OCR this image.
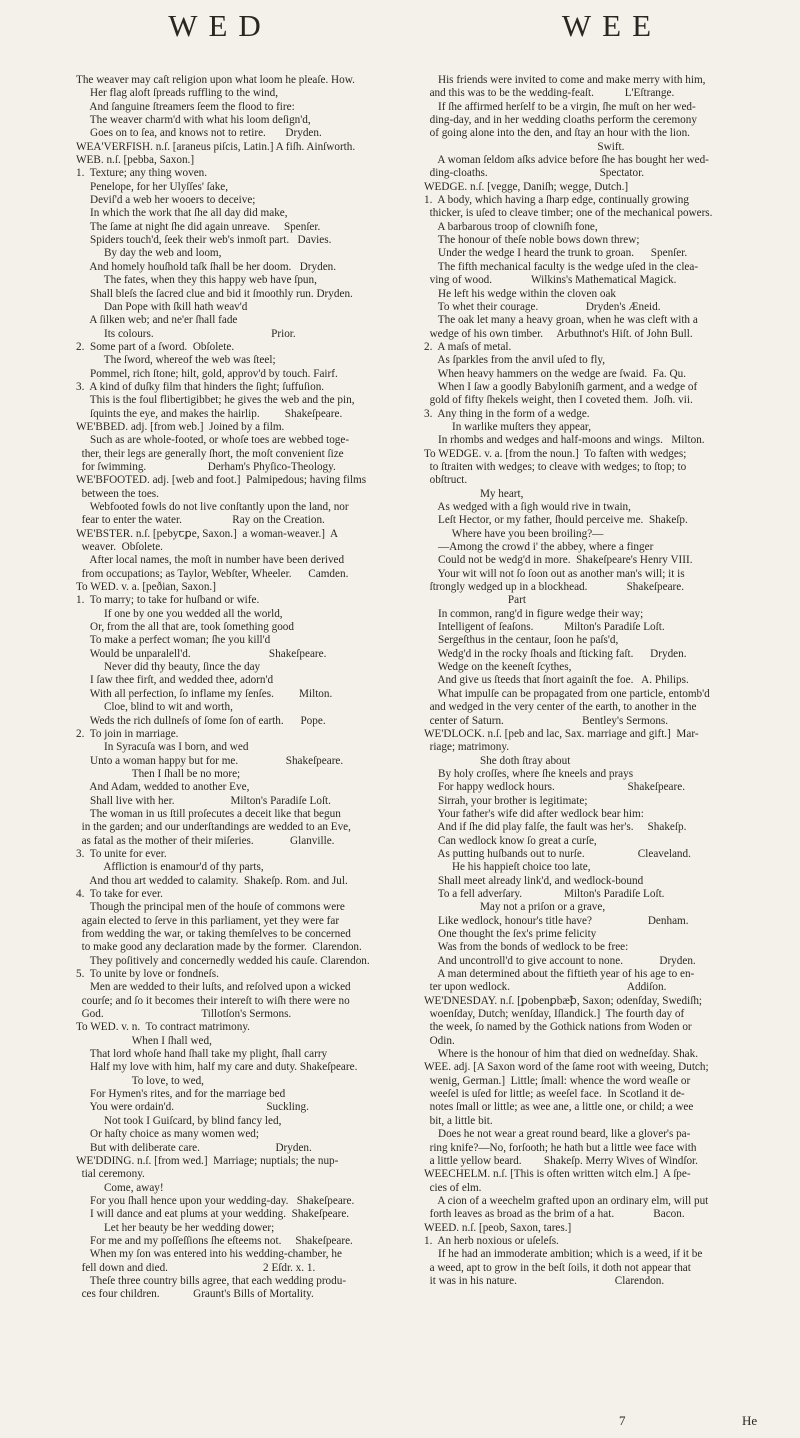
WED	WEE
The weaver may caſt religion upon what loom he pleaſe. How.
Her flag aloft ſpreads ruffling to the wind,
And ſanguine ſtreamers ſeem the flood to fire:
The weaver charm'd with what his loom deſign'd,
Goes on to ſea, and knows not to retire.       Dryden.
WEA'VERFISH. n.ſ. [araneus piſcis, Latin.] A fiſh. Ainſworth.
WEB. n.ſ. [pebba, Saxon.]
1.  Texture; any thing woven.
Penelope, for her Ulyſſes' ſake,
Deviſ'd a web her wooers to deceive;
In which the work that ſhe all day did make,
The ſame at night ſhe did again unreave.     Spenſer.
Spiders touch'd, ſeek their web's inmoſt part.   Davies.
By day the web and loom,
And homely houſhold taſk ſhall be her doom.   Dryden.
The fates, when they this happy web have ſpun,
Shall bleſs the ſacred clue and bid it ſmoothly run. Dryden.
Dan Pope with ſkill hath weav'd
A ſilken web; and ne'er ſhall fade
Its colours.                                          Prior.
2.  Some part of a ſword.  Obſolete.
The ſword, whereof the web was ſteel;
Pommel, rich ſtone; hilt, gold, approv'd by touch. Fairf.
3.  A kind of duſky film that hinders the ſight; ſuffuſion.
This is the foul flibertigibbet; he gives the web and the pin,
ſquints the eye, and makes the hairlip.         Shakeſpeare.
WE'BBED. adj. [from web.]  Joined by a film.
Such as are whole-footed, or whoſe toes are webbed toge-
ther, their legs are generally ſhort, the moſt convenient ſize
for ſwimming.                      Derham's Phyſico-Theology.
WE'BFOOTED. adj. [web and foot.]  Palmipedous; having films
between the toes.
Webfooted fowls do not live conſtantly upon the land, nor
fear to enter the water.                  Ray on the Creation.
WE'BSTER. n.ſ. [pebyꞇꝑe, Saxon.]  a woman-weaver.]  A
weaver.  Obſolete.
After local names, the moſt in number have been derived
from occupations; as Taylor, Webſter, Wheeler.      Camden.
To WED. v. a. [peðian, Saxon.]
1.  To marry; to take for huſband or wife.
If one by one you wedded all the world,
Or, from the all that are, took ſomething good
To make a perfect woman; ſhe you kill'd
Would be unparalell'd.                            Shakeſpeare.
Never did thy beauty, ſince the day
I ſaw thee firſt, and wedded thee, adorn'd
With all perfection, ſo inflame my ſenſes.         Milton.
Cloe, blind to wit and worth,
Weds the rich dullneſs of ſome ſon of earth.      Pope.
2.  To join in marriage.
In Syracuſa was I born, and wed
Unto a woman happy but for me.                 Shakeſpeare.
Then I ſhall be no more;
And Adam, wedded to another Eve,
Shall live with her.                    Milton's Paradiſe Loſt.
The woman in us ſtill proſecutes a deceit like that begun
in the garden; and our underſtandings are wedded to an Eve,
as fatal as the mother of their miſeries.             Glanville.
3.  To unite for ever.
Affliction is enamour'd of thy parts,
And thou art wedded to calamity.  Shakeſp. Rom. and Jul.
4.  To take for ever.
Though the principal men of the houſe of commons were
again elected to ſerve in this parliament, yet they were far
from wedding the war, or taking themſelves to be concerned
to make good any declaration made by the former.  Clarendon.
They poſitively and concernedly wedded his cauſe. Clarendon.
5.  To unite by love or fondneſs.
Men are wedded to their luſts, and reſolved upon a wicked
courſe; and ſo it becomes their intereſt to wiſh there were no
God.                                   Tillotſon's Sermons.
To WED. v. n.  To contract matrimony.
When I ſhall wed,
That lord whoſe hand ſhall take my plight, ſhall carry
Half my love with him, half my care and duty. Shakeſpeare.
To love, to wed,
For Hymen's rites, and for the marriage bed
You were ordain'd.                                 Suckling.
Not took I Guiſcard, by blind fancy led,
Or haſty choice as many women wed;
But with deliberate care.                           Dryden.
WE'DDING. n.ſ. [from wed.]  Marriage; nuptials; the nup-
tial ceremony.
Come, away!
For you ſhall hence upon your wedding-day.   Shakeſpeare.
I will dance and eat plums at your wedding.  Shakeſpeare.
Let her beauty be her wedding dower;
For me and my poſſeſſions ſhe eſteems not.     Shakeſpeare.
When my ſon was entered into his wedding-chamber, he
fell down and died.                                  2 Eſdr. x. 1.
Theſe three country bills agree, that each wedding produ-
ces four children.            Graunt's Bills of Mortality.
His friends were invited to come and make merry with him,
and this was to be the wedding-feaſt.           L'Eſtrange.
If ſhe affirmed herſelf to be a virgin, ſhe muſt on her wed-
ding-day, and in her wedding cloaths perform the ceremony
of going alone into the den, and ſtay an hour with the lion.
Swift.
A woman ſeldom aſks advice before ſhe has bought her wed-
ding-cloaths.                                        Spectator.
WEDGE. n.ſ. [vegge, Daniſh; wegge, Dutch.]
1.  A body, which having a ſharp edge, continually growing
thicker, is uſed to cleave timber; one of the mechanical powers.
A barbarous troop of clowniſh fone,
The honour of theſe noble bows down threw;
Under the wedge I heard the trunk to groan.      Spenſer.
The fifth mechanical faculty is the wedge uſed in the clea-
ving of wood.              Wilkins's Mathematical Magick.
He left his wedge within the cloven oak
To whet their courage.                 Dryden's Æneid.
The oak let many a heavy groan, when he was cleft with a
wedge of his own timber.     Arbuthnot's Hiſt. of John Bull.
2.  A maſs of metal.
As ſparkles from the anvil uſed to fly,
When heavy hammers on the wedge are ſwaid.  Fa. Qu.
When I ſaw a goodly Babyloniſh garment, and a wedge of
gold of fifty ſhekels weight, then I coveted them.  Joſh. vii.
3.  Any thing in the form of a wedge.
In warlike muſters they appear,
In rhombs and wedges and half-moons and wings.   Milton.
To WEDGE. v. a. [from the noun.]  To faſten with wedges;
to ſtraiten with wedges; to cleave with wedges; to ſtop; to
obſtruct.
My heart,
As wedged with a ſigh would rive in twain,
Leſt Hector, or my father, ſhould perceive me.  Shakeſp.
Where have you been broiling?—
—Among the crowd i' the abbey, where a finger
Could not be wedg'd in more.  Shakeſpeare's Henry VIII.
Your wit will not ſo ſoon out as another man's will; it is
ſtrongly wedged up in a blockhead.              Shakeſpeare.
Part
In common, rang'd in figure wedge their way;
Intelligent of ſeaſons.           Milton's Paradiſe Loſt.
Sergeſthus in the centaur, ſoon he paſs'd,
Wedg'd in the rocky ſhoals and ſticking faſt.      Dryden.
Wedge on the keeneſt ſcythes,
And give us ſteeds that ſnort againſt the foe.   A. Philips.
What impulſe can be propagated from one particle, entomb'd
and wedged in the very center of the earth, to another in the
center of Saturn.                            Bentley's Sermons.
WE'DLOCK. n.ſ. [peb and lac, Sax. marriage and gift.]  Mar-
riage; matrimony.
She doth ſtray about
By holy croſſes, where ſhe kneels and prays
For happy wedlock hours.                          Shakeſpeare.
Sirrah, your brother is legitimate;
Your father's wife did after wedlock bear him:
And if ſhe did play falſe, the fault was her's.     Shakeſp.
Can wedlock know ſo great a curſe,
As putting huſbands out to nurſe.                   Cleaveland.
He his happieſt choice too late,
Shall meet already link'd, and wedlock-bound
To a fell adverſary.               Milton's Paradiſe Loſt.
May not a priſon or a grave,
Like wedlock, honour's title have?                    Denham.
One thought the ſex's prime felicity
Was from the bonds of wedlock to be free:
And uncontroll'd to give account to none.             Dryden.
A man determined about the fiftieth year of his age to en-
ter upon wedlock.                                          Addiſon.
WE'DNESDAY. n.ſ. [ꝑobenꝑbæꝥ, Saxon; odenſday, Swediſh;
woenſday, Dutch; wenſday, Iſlandick.]  The fourth day of
the week, ſo named by the Gothick nations from Woden or
Odin.
Where is the honour of him that died on wedneſday. Shak.
WEE. adj. [A Saxon word of the ſame root with weeing, Dutch;
wenig, German.]  Little; ſmall: whence the word weaſle or
weeſel is uſed for little; as weeſel face.  In Scotland it de-
notes ſmall or little; as wee ane, a little one, or child; a wee
bit, a little bit.
Does he not wear a great round beard, like a glover's pa-
ring knife?—No, forſooth; he hath but a little wee face with
a little yellow beard.        Shakeſp. Merry Wives of Windſor.
WEECHELM. n.ſ. [This is often written witch elm.]  A ſpe-
cies of elm.
A cion of a weechelm grafted upon an ordinary elm, will put
forth leaves as broad as the brim of a hat.              Bacon.
WEED. n.ſ. [peob, Saxon, tares.]
1.  An herb noxious or uſeleſs.
If he had an immoderate ambition; which is a weed, if it be
a weed, apt to grow in the beſt ſoils, it doth not appear that
it was in his nature.                                   Clarendon.
7	He
